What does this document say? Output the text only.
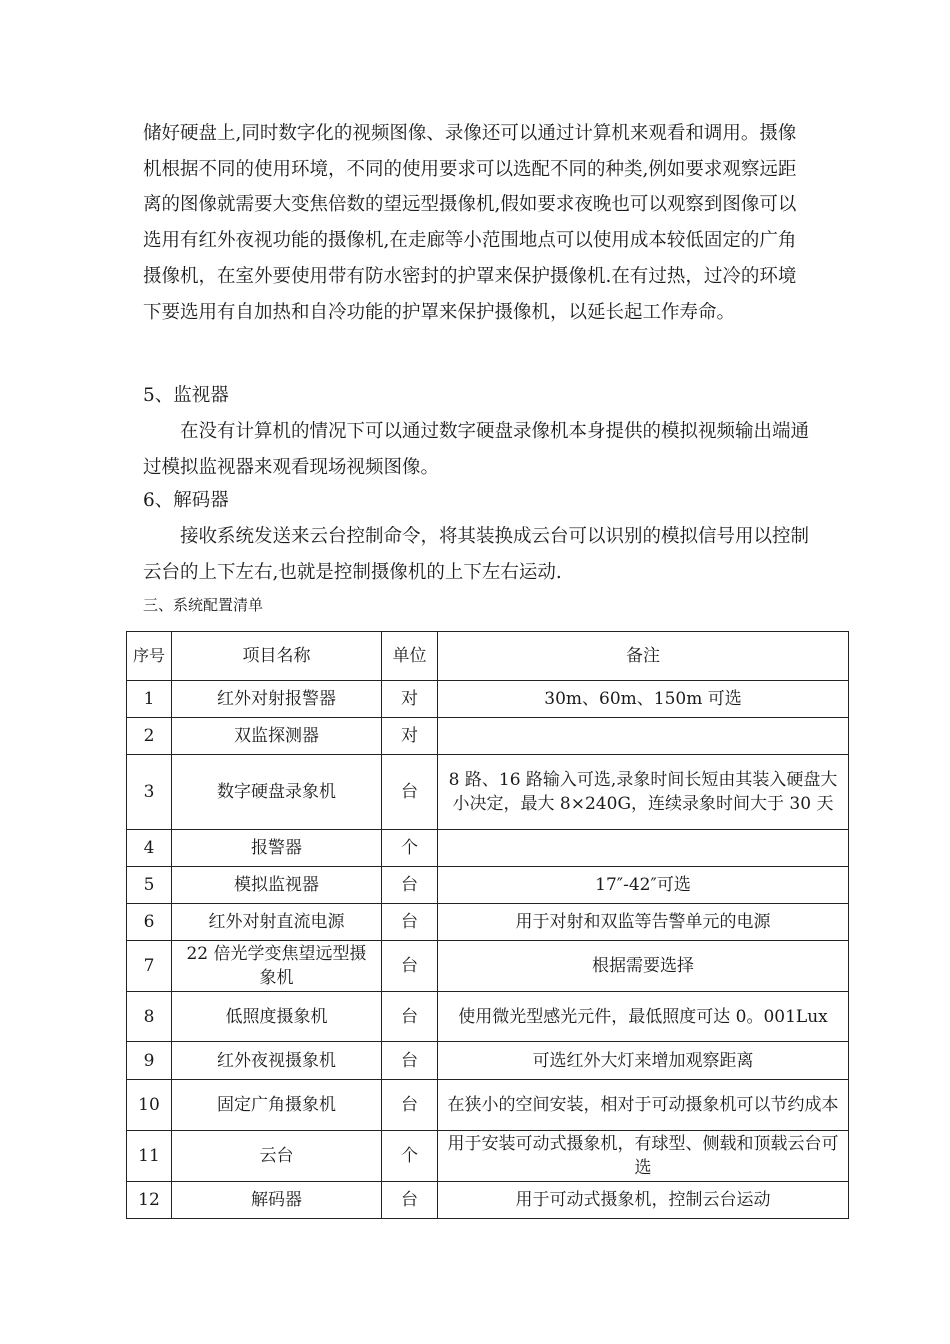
储好硬盘上,同时数字化的视频图像、录像还可以通过计算机来观看和调用。摄像机根据不同的使用环境，不同的使用要求可以选配不同的种类,例如要求观察远距离的图像就需要大变焦倍数的望远型摄像机,假如要求夜晚也可以观察到图像可以选用有红外夜视功能的摄像机,在走廊等小范围地点可以使用成本较低固定的广角摄像机，在室外要使用带有防水密封的护罩来保护摄像机.在有过热，过冷的环境下要选用有自加热和自冷功能的护罩来保护摄像机，以延长起工作寿命。

5、监视器

在没有计算机的情况下可以通过数字硬盘录像机本身提供的模拟视频输出端通过模拟监视器来观看现场视频图像。

6、解码器

接收系统发送来云台控制命令，将其装换成云台可以识别的模拟信号用以控制云台的上下左右,也就是控制摄像机的上下左右运动.

三、系统配置清单

序号	项目名称	单位	备注
1	红外对射报警器	对	30m、60m、150m 可选
2	双监探测器	对	
3	数字硬盘录象机	台	8 路、16 路输入可选,录象时间长短由其装入硬盘大小决定，最大 8×240G，连续录象时间大于 30 天
4	报警器	个	
5	模拟监视器	台	17″-42″可选
6	红外对射直流电源	台	用于对射和双监等告警单元的电源
7	22 倍光学变焦望远型摄象机	台	根据需要选择
8	低照度摄象机	台	使用微光型感光元件，最低照度可达 0。001Lux
9	红外夜视摄象机	台	可选红外大灯来增加观察距离
10	固定广角摄象机	台	在狭小的空间安装，相对于可动摄象机可以节约成本
11	云台	个	用于安装可动式摄象机，有球型、侧载和顶载云台可选
12	解码器	台	用于可动式摄象机，控制云台运动
